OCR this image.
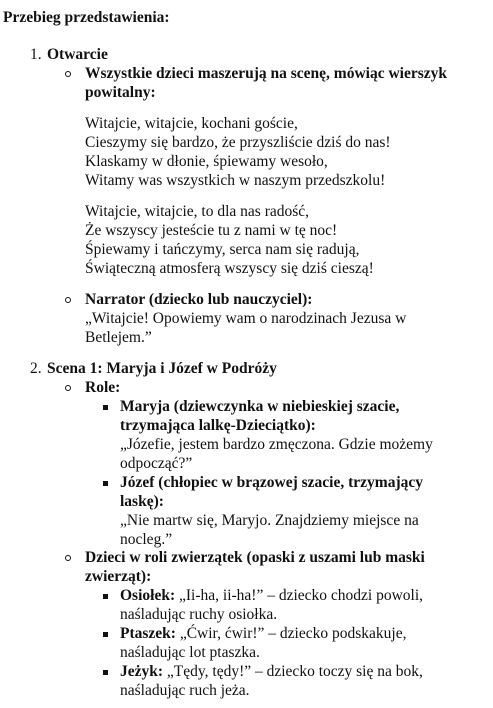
Przebieg przedstawienia:
1. Otwarcie
Wszystkie dzieci maszerują na scenę, mówiąc wierszyk
powitalny:
Witajcie, witajcie, kochani goście,
Cieszymy się bardzo, że przyszliście dziś do nas!
Klaskamy w dłonie, śpiewamy wesoło,
Witamy was wszystkich w naszym przedszkolu!
Witajcie, witajcie, to dla nas radość,
Że wszyscy jesteście tu z nami w tę noc!
Śpiewamy i tańczymy, serca nam się radują,
Świąteczną atmosferą wszyscy się dziś cieszą!
Narrator (dziecko lub nauczyciel):
„Witajcie! Opowiemy wam o narodzinach Jezusa w
Betlejem.”
2. Scena 1: Maryja i Józef w Podróży
Role:
Maryja (dziewczynka w niebieskiej szacie,
trzymająca lalkę-Dzieciątko):
„Józefie, jestem bardzo zmęczona. Gdzie możemy
odpocząć?”
Józef (chłopiec w brązowej szacie, trzymający
laskę):
„Nie martw się, Maryjo. Znajdziemy miejsce na
nocleg.”
Dzieci w roli zwierzątek (opaski z uszami lub maski
zwierząt):
Osiołek: „Ii-ha, ii-ha!” – dziecko chodzi powoli,
naśladując ruchy osiołka.
Ptaszek: „Ćwir, ćwir!” – dziecko podskakuje,
naśladując lot ptaszka.
Jeżyk: „Tędy, tędy!” – dziecko toczy się na bok,
naśladując ruch jeża.
